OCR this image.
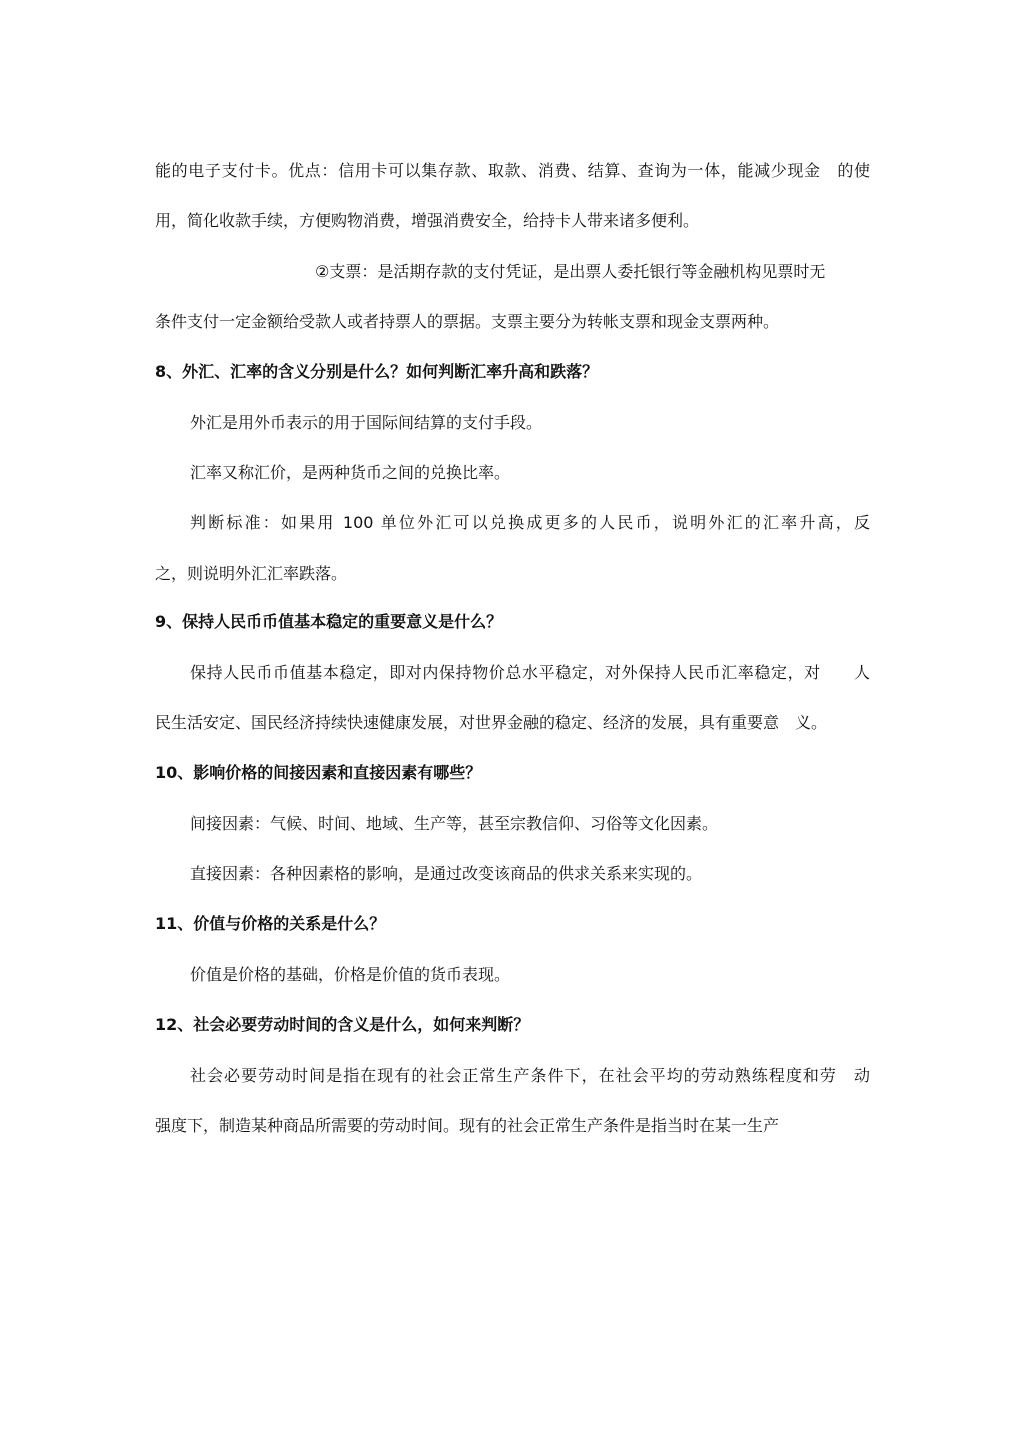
能的电子支付卡。优点：信用卡可以集存款、取款、消费、结算、查询为一体，能减少现金　的使
用，简化收款手续，方便购物消费，增强消费安全，给持卡人带来诸多便利。
②支票：是活期存款的支付凭证，是出票人委托银行等金融机构见票时无
条件支付一定金额给受款人或者持票人的票据。支票主要分为转帐支票和现金支票两种。
8、外汇、汇率的含义分别是什么？如何判断汇率升高和跌落？
外汇是用外币表示的用于国际间结算的支付手段。
汇率又称汇价，是两种货币之间的兑换比率。
判断标准：如果用 100 单位外汇可以兑换成更多的人民币，说明外汇的汇率升高，反
之，则说明外汇汇率跌落。
9、保持人民币币值基本稳定的重要意义是什么？
保持人民币币值基本稳定，即对内保持物价总水平稳定，对外保持人民币汇率稳定，对　　人
民生活安定、国民经济持续快速健康发展，对世界金融的稳定、经济的发展，具有重要意　义。
10、影响价格的间接因素和直接因素有哪些？
间接因素：气候、时间、地域、生产等，甚至宗教信仰、习俗等文化因素。
直接因素：各种因素格的影响，是通过改变该商品的供求关系来实现的。
11、价值与价格的关系是什么？
价值是价格的基础，价格是价值的货币表现。
12、社会必要劳动时间的含义是什么，如何来判断？
社会必要劳动时间是指在现有的社会正常生产条件下，在社会平均的劳动熟练程度和劳　动
强度下，制造某种商品所需要的劳动时间。现有的社会正常生产条件是指当时在某一生产
